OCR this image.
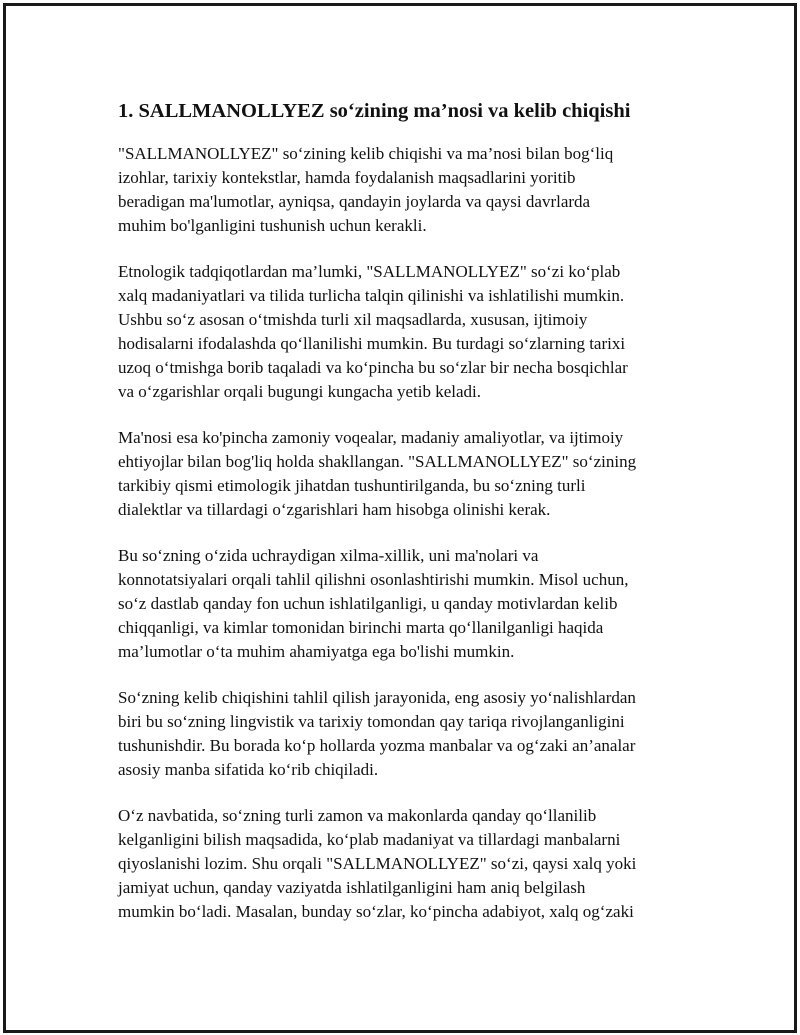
1. SALLMANOLLYEZ so‘zining ma’nosi va kelib chiqishi

"SALLMANOLLYEZ" so‘zining kelib chiqishi va ma’nosi bilan bog‘liq
izohlar, tarixiy kontekstlar, hamda foydalanish maqsadlarini yoritib
beradigan ma'lumotlar, ayniqsa, qandayin joylarda va qaysi davrlarda
muhim bo'lganligini tushunish uchun kerakli.

Etnologik tadqiqotlardan ma’lumki, "SALLMANOLLYEZ" so‘zi ko‘plab
xalq madaniyatlari va tilida turlicha talqin qilinishi va ishlatilishi mumkin.
Ushbu so‘z asosan o‘tmishda turli xil maqsadlarda, xususan, ijtimoiy
hodisalarni ifodalashda qo‘llanilishi mumkin. Bu turdagi so‘zlarning tarixi
uzoq o‘tmishga borib taqaladi va ko‘pincha bu so‘zlar bir necha bosqichlar
va o‘zgarishlar orqali bugungi kungacha yetib keladi.

Ma'nosi esa ko'pincha zamoniy voqealar, madaniy amaliyotlar, va ijtimoiy
ehtiyojlar bilan bog'liq holda shakllangan. "SALLMANOLLYEZ" so‘zining
tarkibiy qismi etimologik jihatdan tushuntirilganda, bu so‘zning turli
dialektlar va tillardagi o‘zgarishlari ham hisobga olinishi kerak.

Bu so‘zning o‘zida uchraydigan xilma-xillik, uni ma'nolari va
konnotatsiyalari orqali tahlil qilishni osonlashtirishi mumkin. Misol uchun,
so‘z dastlab qanday fon uchun ishlatilganligi, u qanday motivlardan kelib
chiqqanligi, va kimlar tomonidan birinchi marta qo‘llanilganligi haqida
ma’lumotlar o‘ta muhim ahamiyatga ega bo'lishi mumkin.

So‘zning kelib chiqishini tahlil qilish jarayonida, eng asosiy yo‘nalishlardan
biri bu so‘zning lingvistik va tarixiy tomondan qay tariqa rivojlanganligini
tushunishdir. Bu borada ko‘p hollarda yozma manbalar va og‘zaki an’analar
asosiy manba sifatida ko‘rib chiqiladi.

O‘z navbatida, so‘zning turli zamon va makonlarda qanday qo‘llanilib
kelganligini bilish maqsadida, ko‘plab madaniyat va tillardagi manbalarni
qiyoslanishi lozim. Shu orqali "SALLMANOLLYEZ" so‘zi, qaysi xalq yoki
jamiyat uchun, qanday vaziyatda ishlatilganligini ham aniq belgilash
mumkin bo‘ladi. Masalan, bunday so‘zlar, ko‘pincha adabiyot, xalq og‘zaki
